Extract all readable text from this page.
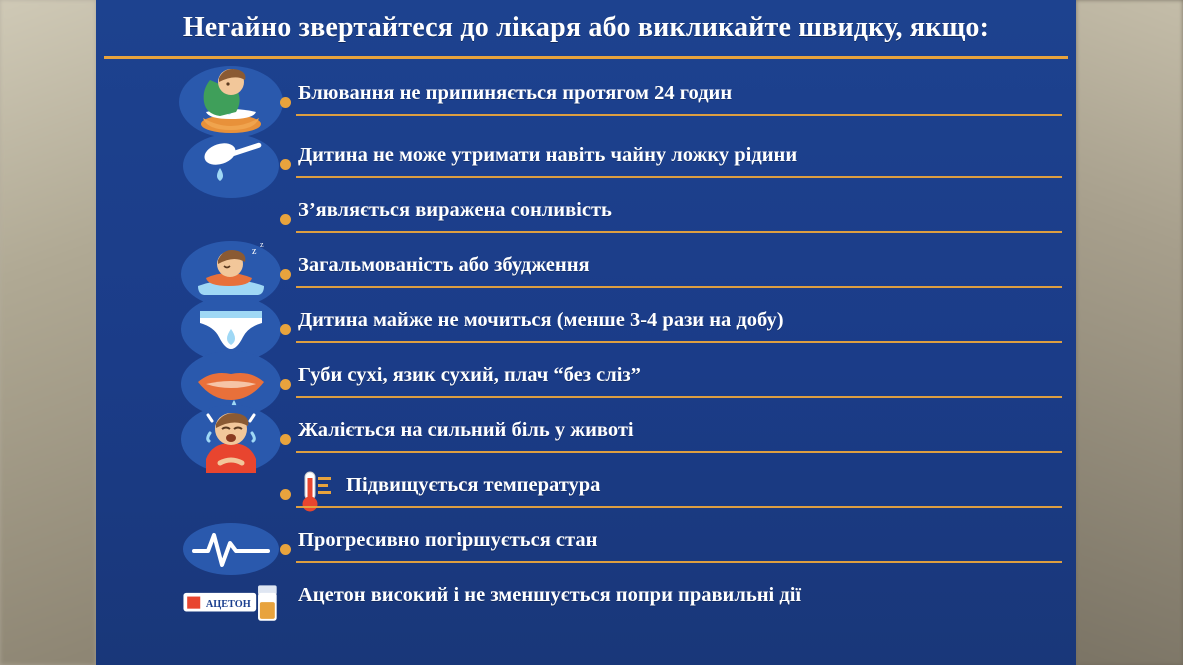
Негайно звертайтеся до лікаря або викликайте швидку, якщо:
Блювання не припиняється протягом 24 годин
Дитина не може утримати навіть чайну ложку рідини
З’являється виражена сонливість
z
z
Загальмованість або збудження
Дитина майже не мочиться (менше 3-4 рази на добу)
Губи сухі, язик сухий, плач “без сліз”
Жаліється на сильний біль у животі
Підвищується температура
Прогресивно погіршується стан
АЦЕТОН Ацетон високий і не зменшується попри правильні дії
